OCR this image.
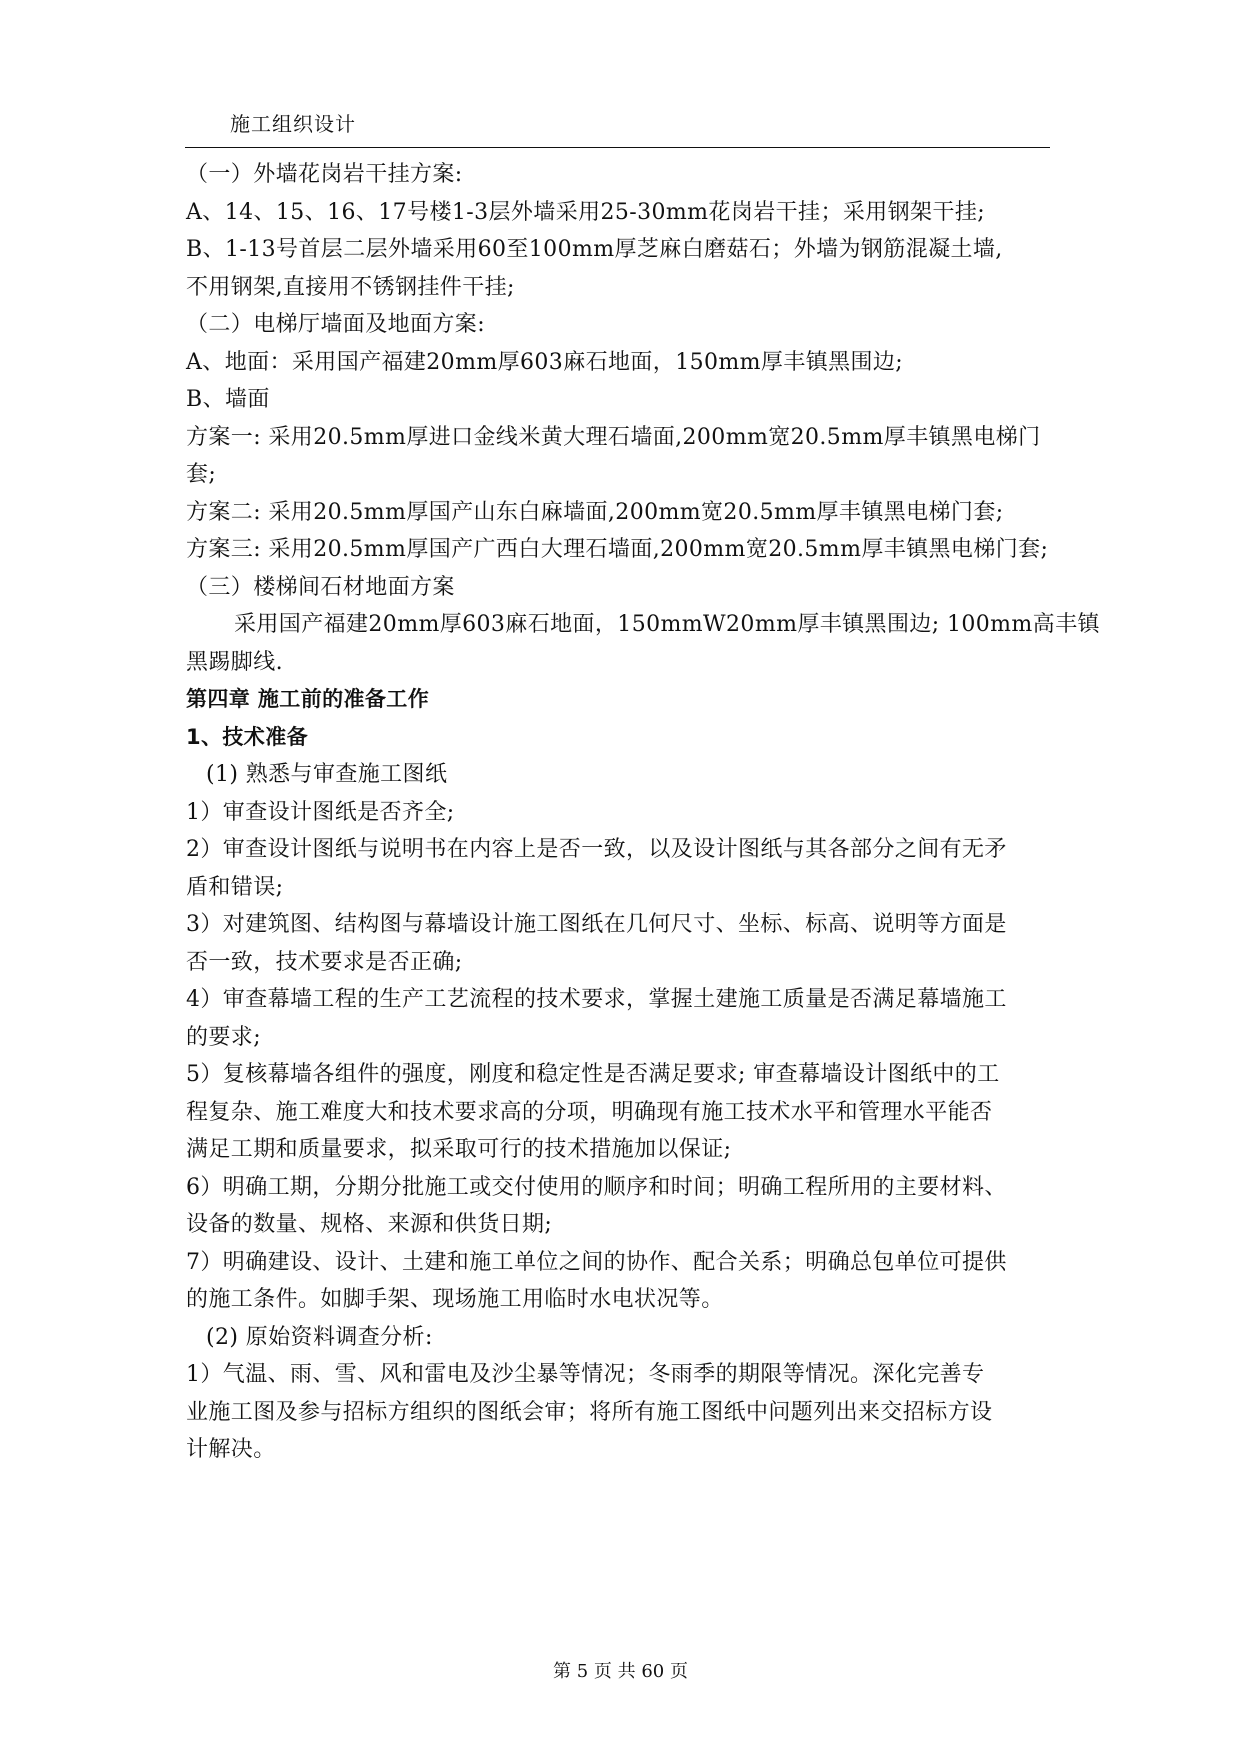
施工组织设计
（一）外墙花岗岩干挂方案:
A、14、15、16、17号楼1-3层外墙采用25-30mm花岗岩干挂；采用钢架干挂;
B、1-13号首层二层外墙采用60至100mm厚芝麻白磨菇石；外墙为钢筋混凝土墙,
不用钢架,直接用不锈钢挂件干挂;
（二）电梯厅墙面及地面方案:
A、地面：采用国产福建20mm厚603麻石地面，150mm厚丰镇黑围边;
B、墙面
方案一: 采用20.5mm厚进口金线米黄大理石墙面,200mm宽20.5mm厚丰镇黑电梯门
套;
方案二: 采用20.5mm厚国产山东白麻墙面,200mm宽20.5mm厚丰镇黑电梯门套;
方案三: 采用20.5mm厚国产广西白大理石墙面,200mm宽20.5mm厚丰镇黑电梯门套;
（三）楼梯间石材地面方案
采用国产福建20mm厚603麻石地面，150mmW20mm厚丰镇黑围边; 100mm高丰镇
黑踢脚线.
第四章 施工前的准备工作
1、技术准备
(1) 熟悉与审查施工图纸
1）审查设计图纸是否齐全;
2）审查设计图纸与说明书在内容上是否一致，以及设计图纸与其各部分之间有无矛
盾和错误;
3）对建筑图、结构图与幕墙设计施工图纸在几何尺寸、坐标、标高、说明等方面是
否一致，技术要求是否正确;
4）审查幕墙工程的生产工艺流程的技术要求，掌握土建施工质量是否满足幕墙施工
的要求;
5）复核幕墙各组件的强度，刚度和稳定性是否满足要求; 审查幕墙设计图纸中的工
程复杂、施工难度大和技术要求高的分项，明确现有施工技术水平和管理水平能否
满足工期和质量要求，拟采取可行的技术措施加以保证;
6）明确工期，分期分批施工或交付使用的顺序和时间；明确工程所用的主要材料、
设备的数量、规格、来源和供货日期;
7）明确建设、设计、土建和施工单位之间的协作、配合关系；明确总包单位可提供
的施工条件。如脚手架、现场施工用临时水电状况等。
(2) 原始资料调查分析:
1）气温、雨、雪、风和雷电及沙尘暴等情况；冬雨季的期限等情况。深化完善专
业施工图及参与招标方组织的图纸会审；将所有施工图纸中问题列出来交招标方设
计解决。
第 5 页 共 60 页
